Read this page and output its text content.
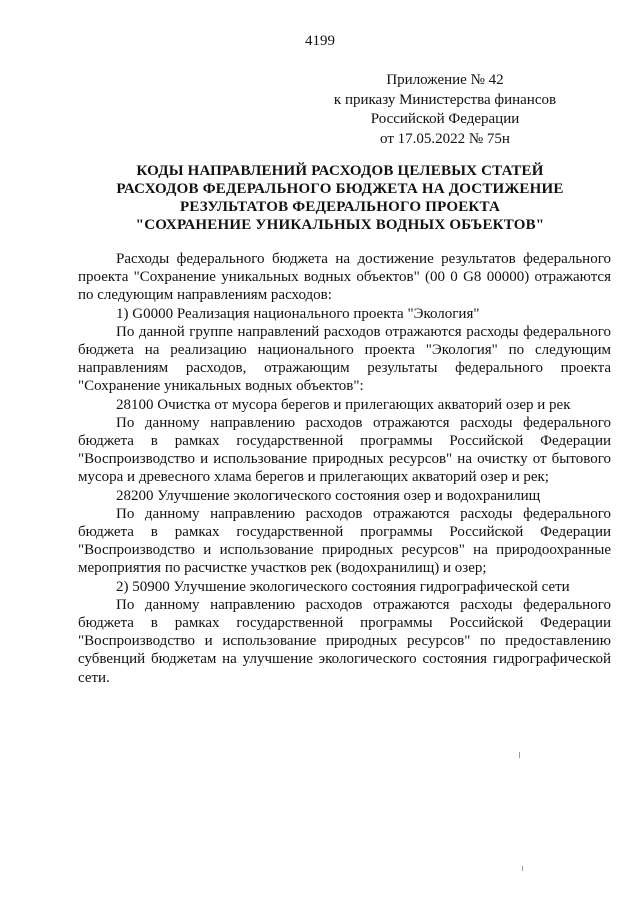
4199
Приложение № 42
к приказу Министерства финансов
Российской Федерации
от 17.05.2022 № 75н
КОДЫ НАПРАВЛЕНИЙ РАСХОДОВ ЦЕЛЕВЫХ СТАТЕЙ
РАСХОДОВ ФЕДЕРАЛЬНОГО БЮДЖЕТА НА ДОСТИЖЕНИЕ
РЕЗУЛЬТАТОВ ФЕДЕРАЛЬНОГО ПРОЕКТА
"СОХРАНЕНИЕ УНИКАЛЬНЫХ ВОДНЫХ ОБЪЕКТОВ"

Расходы федерального бюджета на достижение результатов федерального проекта "Сохранение уникальных водных объектов" (00 0 G8 00000) отражаются по следующим направлениям расходов:

1) G0000 Реализация национального проекта "Экология"

По данной группе направлений расходов отражаются расходы федерального бюджета на реализацию национального проекта "Экология" по следующим направлениям расходов, отражающим результаты федерального проекта "Сохранение уникальных водных объектов":

28100 Очистка от мусора берегов и прилегающих акваторий озер и рек

По данному направлению расходов отражаются расходы федерального бюджета в рамках государственной программы Российской Федерации "Воспроизводство и использование природных ресурсов" на очистку от бытового мусора и древесного хлама берегов и прилегающих акваторий озер и рек;

28200 Улучшение экологического состояния озер и водохранилищ

По данному направлению расходов отражаются расходы федерального бюджета в рамках государственной программы Российской Федерации "Воспроизводство и использование природных ресурсов" на природоохранные мероприятия по расчистке участков рек (водохранилищ) и озер;

2) 50900 Улучшение экологического состояния гидрографической сети

По данному направлению расходов отражаются расходы федерального бюджета в рамках государственной программы Российской Федерации "Воспроизводство и использование природных ресурсов" по предоставлению субвенций бюджетам на улучшение экологического состояния гидрографической сети.
